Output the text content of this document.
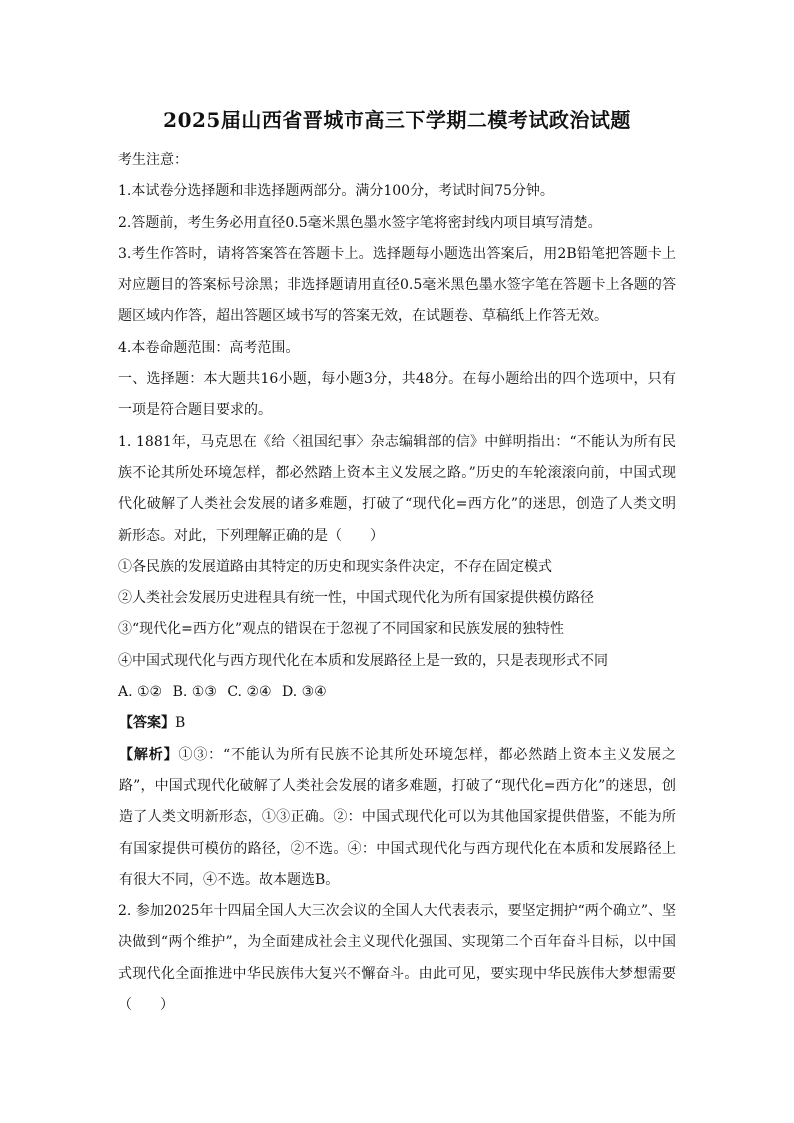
2025届山西省晋城市高三下学期二模考试政治试题

考生注意：

1.本试卷分选择题和非选择题两部分。满分100分，考试时间75分钟。

2.答题前，考生务必用直径0.5毫米黑色墨水签字笔将密封线内项目填写清楚。

3.考生作答时，请将答案答在答题卡上。选择题每小题选出答案后，用2B铅笔把答题卡上对应题目的答案标号涂黑；非选择题请用直径0.5毫米黑色墨水签字笔在答题卡上各题的答题区域内作答，超出答题区域书写的答案无效，在试题卷、草稿纸上作答无效。

4.本卷命题范围：高考范围。

一、选择题：本大题共16小题，每小题3分，共48分。在每小题给出的四个选项中，只有一项是符合题目要求的。

1. 1881年，马克思在《给〈祖国纪事〉杂志编辑部的信》中鲜明指出：“不能认为所有民族不论其所处环境怎样，都必然踏上资本主义发展之路。”历史的车轮滚滚向前，中国式现代化破解了人类社会发展的诸多难题，打破了“现代化=西方化”的迷思，创造了人类文明新形态。对此，下列理解正确的是（　　）

①各民族的发展道路由其特定的历史和现实条件决定，不存在固定模式

②人类社会发展历史进程具有统一性，中国式现代化为所有国家提供模仿路径

③“现代化=西方化”观点的错误在于忽视了不同国家和民族发展的独特性

④中国式现代化与西方现代化在本质和发展路径上是一致的，只是表现形式不同

A. ①② B. ①③ C. ②④ D. ③④

【答案】B

【解析】①③：“不能认为所有民族不论其所处环境怎样，都必然踏上资本主义发展之路”，中国式现代化破解了人类社会发展的诸多难题，打破了“现代化=西方化”的迷思，创造了人类文明新形态，①③正确。②：中国式现代化可以为其他国家提供借鉴，不能为所有国家提供可模仿的路径，②不选。④：中国式现代化与西方现代化在本质和发展路径上有很大不同，④不选。故本题选B。

2. 参加2025年十四届全国人大三次会议的全国人大代表表示，要坚定拥护“两个确立”、坚决做到“两个维护”，为全面建成社会主义现代化强国、实现第二个百年奋斗目标，以中国式现代化全面推进中华民族伟大复兴不懈奋斗。由此可见，要实现中华民族伟大梦想需要（　　）
